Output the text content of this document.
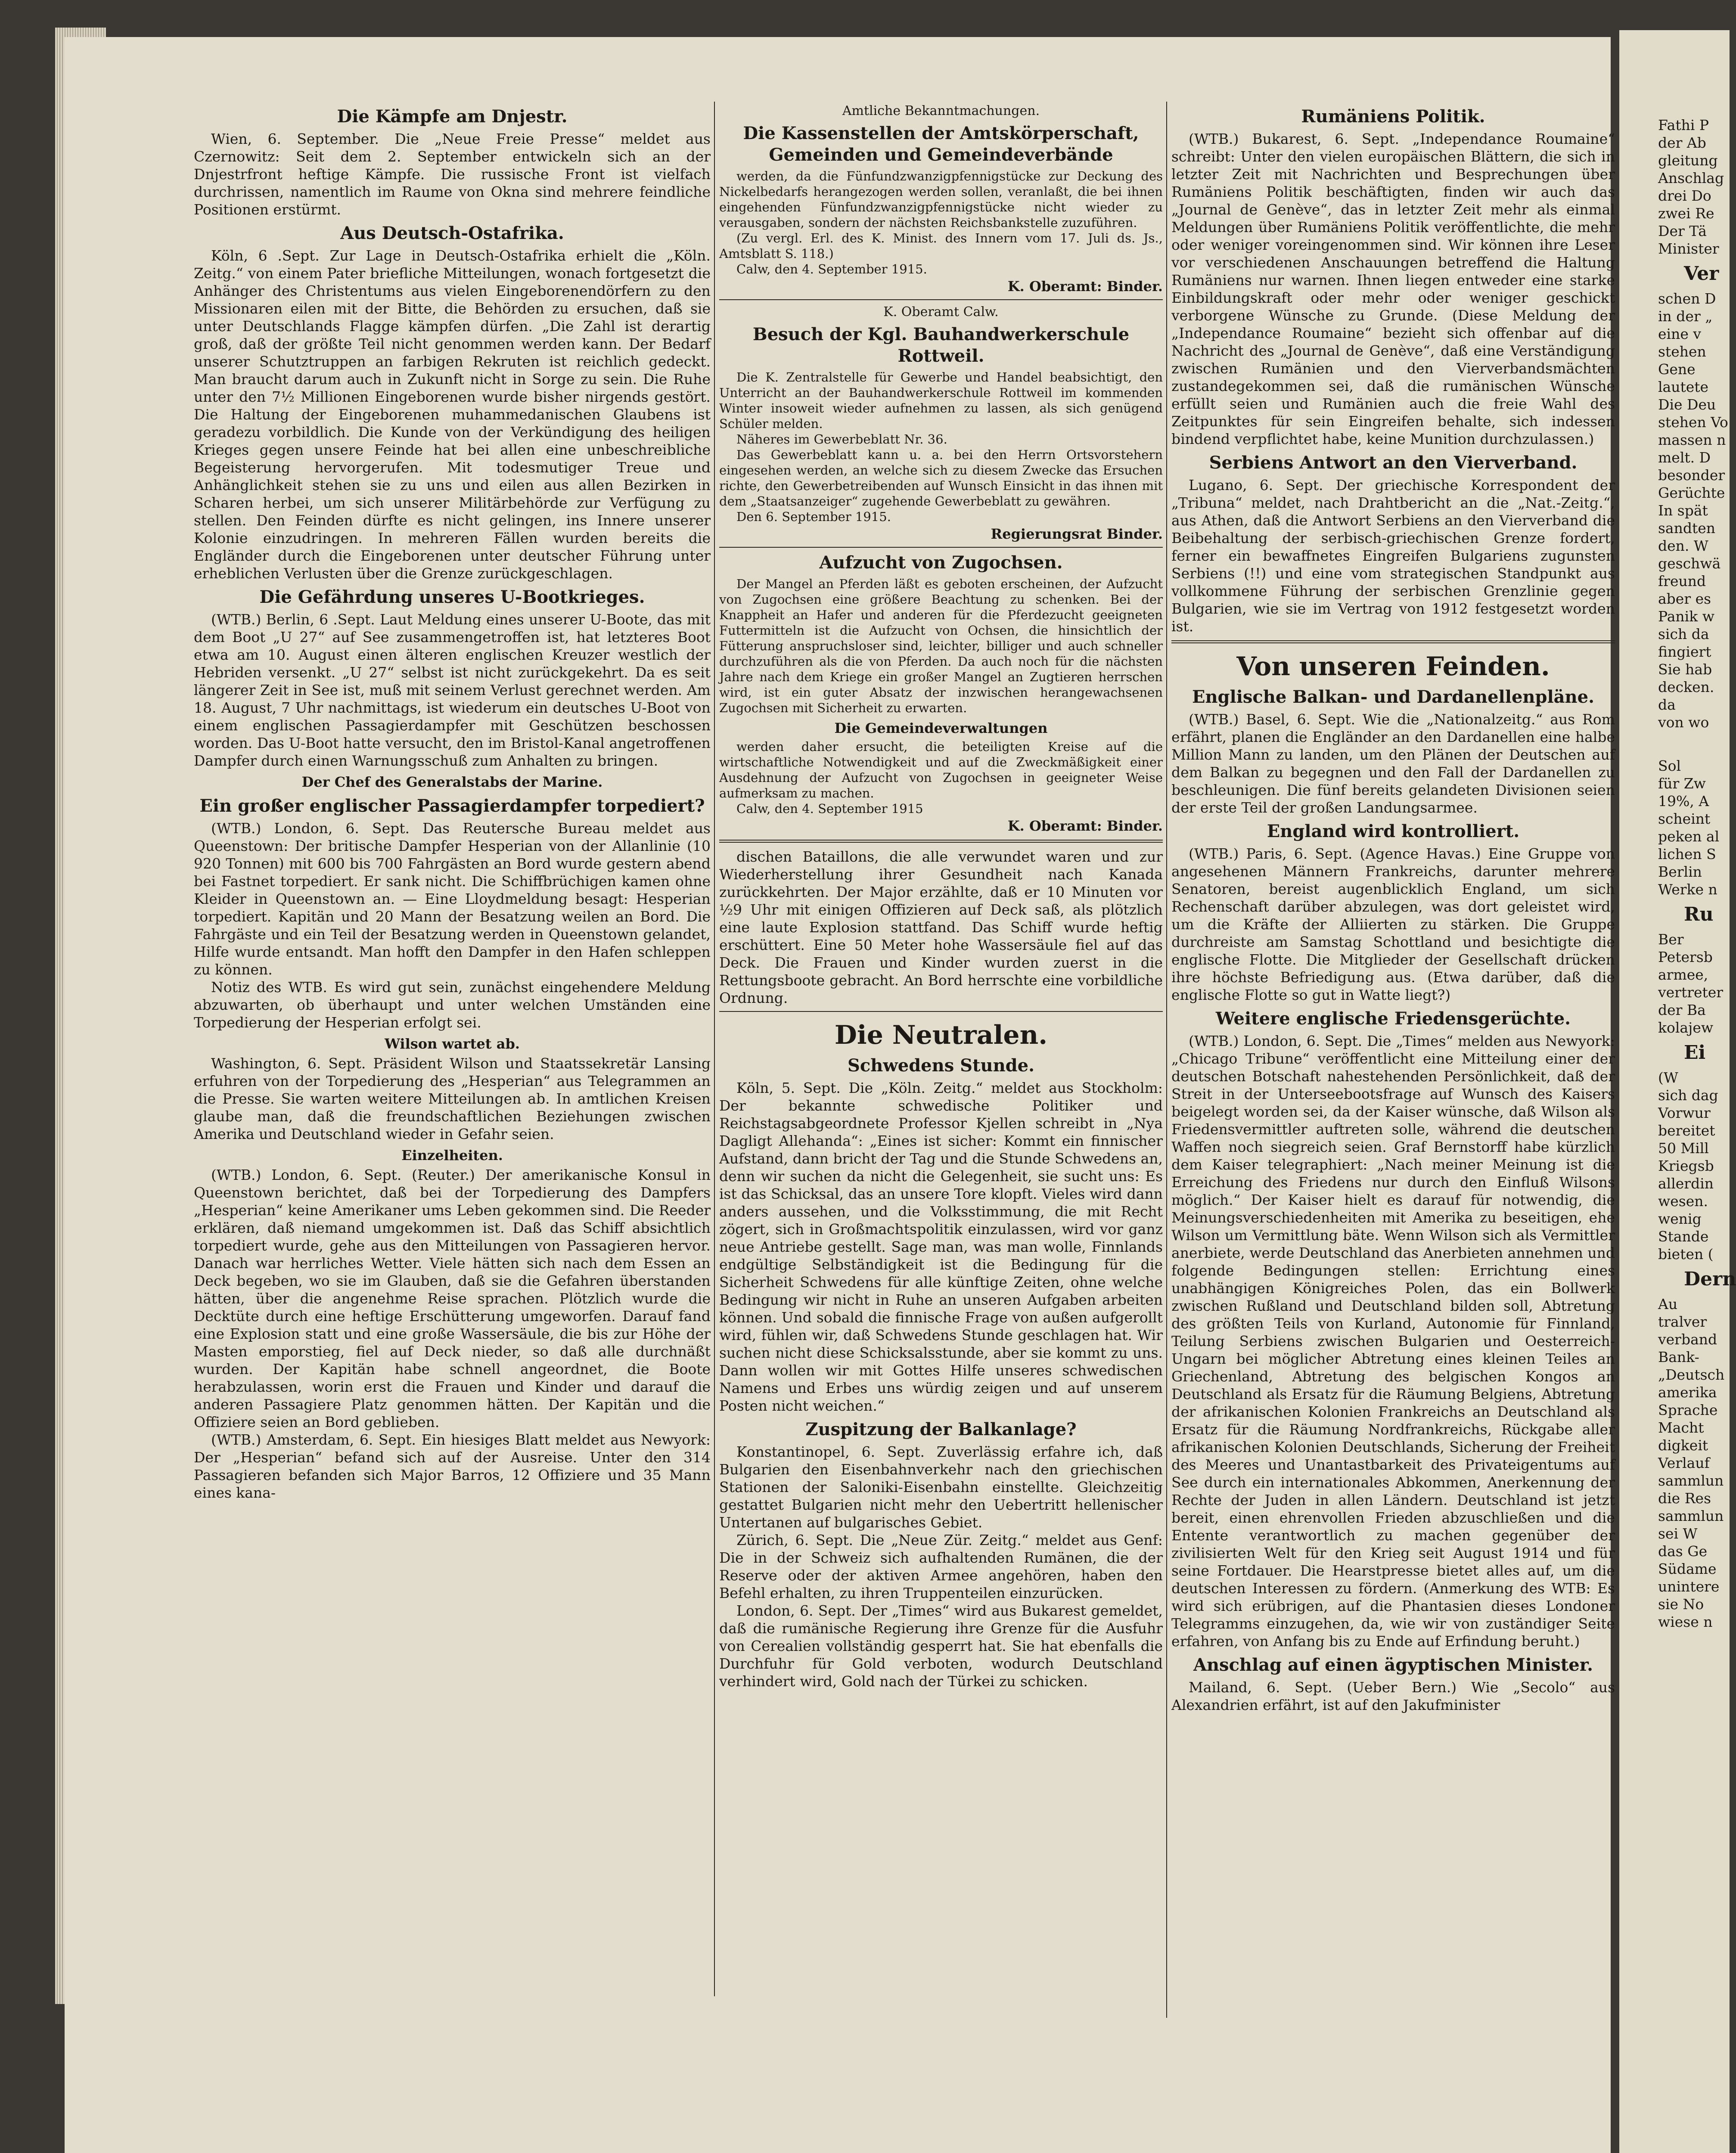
Die Kämpfe am Dnjestr.

Wien, 6. September. Die „Neue Freie Presse“ meldet aus Czernowitz: Seit dem 2. September entwickeln sich an der Dnjestrfront heftige Kämpfe. Die russische Front ist vielfach durchrissen, namentlich im Raume von Okna sind mehrere feindliche Positionen erstürmt.

Aus Deutsch-Ostafrika.

Köln, 6 .Sept. Zur Lage in Deutsch-Ostafrika erhielt die „Köln. Zeitg.“ von einem Pater briefliche Mitteilungen, wonach fortgesetzt die Anhänger des Christentums aus vielen Eingeborenendörfern zu den Missionaren eilen mit der Bitte, die Behörden zu ersuchen, daß sie unter Deutschlands Flagge kämpfen dürfen. „Die Zahl ist derartig groß, daß der größte Teil nicht genommen werden kann. Der Bedarf unserer Schutztruppen an farbigen Rekruten ist reichlich gedeckt. Man braucht darum auch in Zukunft nicht in Sorge zu sein. Die Ruhe unter den 7½ Millionen Eingeborenen wurde bisher nirgends gestört. Die Haltung der Eingeborenen muhammedanischen Glaubens ist geradezu vorbildlich. Die Kunde von der Verkündigung des heiligen Krieges gegen unsere Feinde hat bei allen eine unbeschreibliche Begeisterung hervorgerufen. Mit todesmutiger Treue und Anhänglichkeit stehen sie zu uns und eilen aus allen Bezirken in Scharen herbei, um sich unserer Militärbehörde zur Verfügung zu stellen. Den Feinden dürfte es nicht gelingen, ins Innere unserer Kolonie einzudringen. In mehreren Fällen wurden bereits die Engländer durch die Eingeborenen unter deutscher Führung unter erheblichen Verlusten über die Grenze zurückgeschlagen.

Die Gefährdung unseres U-Bootkrieges.

(WTB.) Berlin, 6 .Sept. Laut Meldung eines unserer U-Boote, das mit dem Boot „U 27“ auf See zusammengetroffen ist, hat letzteres Boot etwa am 10. August einen älteren englischen Kreuzer westlich der Hebriden versenkt. „U 27“ selbst ist nicht zurückgekehrt. Da es seit längerer Zeit in See ist, muß mit seinem Verlust gerechnet werden. Am 18. August, 7 Uhr nachmittags, ist wiederum ein deutsches U-Boot von einem englischen Passagierdampfer mit Geschützen beschossen worden. Das U-Boot hatte versucht, den im Bristol-Kanal angetroffenen Dampfer durch einen Warnungsschuß zum Anhalten zu bringen.

Der Chef des Generalstabs der Marine.
Ein großer englischer Passagierdampfer torpediert?

(WTB.) London, 6. Sept. Das Reutersche Bureau meldet aus Queenstown: Der britische Dampfer Hesperian von der Allanlinie (10 920 Tonnen) mit 600 bis 700 Fahrgästen an Bord wurde gestern abend bei Fastnet torpediert. Er sank nicht. Die Schiffbrüchigen kamen ohne Kleider in Queenstown an. — Eine Lloydmeldung besagt: Hesperian torpediert. Kapitän und 20 Mann der Besatzung weilen an Bord. Die Fahrgäste und ein Teil der Besatzung werden in Queenstown gelandet, Hilfe wurde entsandt. Man hofft den Dampfer in den Hafen schleppen zu können.

Notiz des WTB. Es wird gut sein, zunächst eingehendere Meldung abzuwarten, ob überhaupt und unter welchen Umständen eine Torpedierung der Hesperian erfolgt sei.

Wilson wartet ab.

Washington, 6. Sept. Präsident Wilson und Staatssekretär Lansing erfuhren von der Torpedierung des „Hesperian“ aus Telegrammen an die Presse. Sie warten weitere Mitteilungen ab. In amtlichen Kreisen glaube man, daß die freundschaftlichen Beziehungen zwischen Amerika und Deutschland wieder in Gefahr seien.

Einzelheiten.

(WTB.) London, 6. Sept. (Reuter.) Der amerikanische Konsul in Queenstown berichtet, daß bei der Torpedierung des Dampfers „Hesperian“ keine Amerikaner ums Leben gekommen sind. Die Reeder erklären, daß niemand umgekommen ist. Daß das Schiff absichtlich torpediert wurde, gehe aus den Mitteilungen von Passagieren hervor. Danach war herrliches Wetter. Viele hätten sich nach dem Essen an Deck begeben, wo sie im Glauben, daß sie die Gefahren überstanden hätten, über die angenehme Reise sprachen. Plötzlich wurde die Decktüte durch eine heftige Erschütterung umgeworfen. Darauf fand eine Explosion statt und eine große Wassersäule, die bis zur Höhe der Masten emporstieg, fiel auf Deck nieder, so daß alle durchnäßt wurden. Der Kapitän habe schnell angeordnet, die Boote herabzulassen, worin erst die Frauen und Kinder und darauf die anderen Passagiere Platz genommen hätten. Der Kapitän und die Offiziere seien an Bord geblieben.

(WTB.) Amsterdam, 6. Sept. Ein hiesiges Blatt meldet aus Newyork: Der „Hesperian“ befand sich auf der Ausreise. Unter den 314 Passagieren befanden sich Major Barros, 12 Offiziere und 35 Mann eines kana-

Amtliche Bekanntmachungen.
Die Kassenstellen der Amtskörperschaft, Gemeinden und Gemeindeverbände

werden, da die Fünfundzwanzigpfennigstücke zur Deckung des Nickelbedarfs herangezogen werden sollen, veranlaßt, die bei ihnen eingehenden Fünfundzwanzigpfennigstücke nicht wieder zu verausgaben, sondern der nächsten Reichsbankstelle zuzuführen.

(Zu vergl. Erl. des K. Minist. des Innern vom 17. Juli ds. Js., Amtsblatt S. 118.)

Calw, den 4. September 1915.

K. Oberamt: Binder.
K. Oberamt Calw.
Besuch der Kgl. Bauhandwerkerschule Rottweil.

Die K. Zentralstelle für Gewerbe und Handel beabsichtigt, den Unterricht an der Bauhandwerkerschule Rottweil im kommenden Winter insoweit wieder aufnehmen zu lassen, als sich genügend Schüler melden.

Näheres im Gewerbeblatt Nr. 36.

Das Gewerbeblatt kann u. a. bei den Herrn Ortsvorstehern eingesehen werden, an welche sich zu diesem Zwecke das Ersuchen richte, den Gewerbetreibenden auf Wunsch Einsicht in das ihnen mit dem „Staatsanzeiger“ zugehende Gewerbeblatt zu gewähren.

Den 6. September 1915.

Regierungsrat Binder.
Aufzucht von Zugochsen.

Der Mangel an Pferden läßt es geboten erscheinen, der Aufzucht von Zugochsen eine größere Beachtung zu schenken. Bei der Knappheit an Hafer und anderen für die Pferdezucht geeigneten Futtermitteln ist die Aufzucht von Ochsen, die hinsichtlich der Fütterung anspruchsloser sind, leichter, billiger und auch schneller durchzuführen als die von Pferden. Da auch noch für die nächsten Jahre nach dem Kriege ein großer Mangel an Zugtieren herrschen wird, ist ein guter Absatz der inzwischen herangewachsenen Zugochsen mit Sicherheit zu erwarten.

Die Gemeindeverwaltungen

werden daher ersucht, die beteiligten Kreise auf die wirtschaftliche Notwendigkeit und auf die Zweckmäßigkeit einer Ausdehnung der Aufzucht von Zugochsen in geeigneter Weise aufmerksam zu machen.

Calw, den 4. September 1915

K. Oberamt: Binder.

dischen Bataillons, die alle verwundet waren und zur Wiederherstellung ihrer Gesundheit nach Kanada zurückkehrten. Der Major erzählte, daß er 10 Minuten vor ½9 Uhr mit einigen Offizieren auf Deck saß, als plötzlich eine laute Explosion stattfand. Das Schiff wurde heftig erschüttert. Eine 50 Meter hohe Wassersäule fiel auf das Deck. Die Frauen und Kinder wurden zuerst in die Rettungsboote gebracht. An Bord herrschte eine vorbildliche Ordnung.

Die Neutralen.
Schwedens Stunde.

Köln, 5. Sept. Die „Köln. Zeitg.“ meldet aus Stockholm: Der bekannte schwedische Politiker und Reichstagsabgeordnete Professor Kjellen schreibt in „Nya Dagligt Allehanda“: „Eines ist sicher: Kommt ein finnischer Aufstand, dann bricht der Tag und die Stunde Schwedens an, denn wir suchen da nicht die Gelegenheit, sie sucht uns: Es ist das Schicksal, das an unsere Tore klopft. Vieles wird dann anders aussehen, und die Volksstimmung, die mit Recht zögert, sich in Großmachtspolitik einzulassen, wird vor ganz neue Antriebe gestellt. Sage man, was man wolle, Finnlands endgültige Selbständigkeit ist die Bedingung für die Sicherheit Schwedens für alle künftige Zeiten, ohne welche Bedingung wir nicht in Ruhe an unseren Aufgaben arbeiten können. Und sobald die finnische Frage von außen aufgerollt wird, fühlen wir, daß Schwedens Stunde geschlagen hat. Wir suchen nicht diese Schicksalsstunde, aber sie kommt zu uns. Dann wollen wir mit Gottes Hilfe unseres schwedischen Namens und Erbes uns würdig zeigen und auf unserem Posten nicht weichen.“

Zuspitzung der Balkanlage?

Konstantinopel, 6. Sept. Zuverlässig erfahre ich, daß Bulgarien den Eisenbahnverkehr nach den griechischen Stationen der Saloniki-Eisenbahn einstellte. Gleichzeitig gestattet Bulgarien nicht mehr den Uebertritt hellenischer Untertanen auf bulgarisches Gebiet.

Zürich, 6. Sept. Die „Neue Zür. Zeitg.“ meldet aus Genf: Die in der Schweiz sich aufhaltenden Rumänen, die der Reserve oder der aktiven Armee angehören, haben den Befehl erhalten, zu ihren Truppenteilen einzurücken.

London, 6. Sept. Der „Times“ wird aus Bukarest gemeldet, daß die rumänische Regierung ihre Grenze für die Ausfuhr von Cerealien vollständig gesperrt hat. Sie hat ebenfalls die Durchfuhr für Gold verboten, wodurch Deutschland verhindert wird, Gold nach der Türkei zu schicken.

Rumäniens Politik.

(WTB.) Bukarest, 6. Sept. „Independance Roumaine“ schreibt: Unter den vielen europäischen Blättern, die sich in letzter Zeit mit Nachrichten und Besprechungen über Rumäniens Politik beschäftigten, finden wir auch das „Journal de Genève“, das in letzter Zeit mehr als einmal Meldungen über Rumäniens Politik veröffentlichte, die mehr oder weniger voreingenommen sind. Wir können ihre Leser vor verschiedenen Anschauungen betreffend die Haltung Rumäniens nur warnen. Ihnen liegen entweder eine starke Einbildungskraft oder mehr oder weniger geschickt verborgene Wünsche zu Grunde. (Diese Meldung der „Independance Roumaine“ bezieht sich offenbar auf die Nachricht des „Journal de Genève“, daß eine Verständigung zwischen Rumänien und den Vierverbandsmächten zustandegekommen sei, daß die rumänischen Wünsche erfüllt seien und Rumänien auch die freie Wahl des Zeitpunktes für sein Eingreifen behalte, sich indessen bindend verpflichtet habe, keine Munition durchzulassen.)

Serbiens Antwort an den Vierverband.

Lugano, 6. Sept. Der griechische Korrespondent der „Tribuna“ meldet, nach Drahtbericht an die „Nat.-Zeitg.“, aus Athen, daß die Antwort Serbiens an den Vierverband die Beibehaltung der serbisch-griechischen Grenze fordert, ferner ein bewaffnetes Eingreifen Bulgariens zugunsten Serbiens (!!) und eine vom strategischen Standpunkt aus vollkommene Führung der serbischen Grenzlinie gegen Bulgarien, wie sie im Vertrag von 1912 festgesetzt worden ist.

Von unseren Feinden.
Englische Balkan- und Dardanellenpläne.

(WTB.) Basel, 6. Sept. Wie die „Nationalzeitg.“ aus Rom erfährt, planen die Engländer an den Dardanellen eine halbe Million Mann zu landen, um den Plänen der Deutschen auf dem Balkan zu begegnen und den Fall der Dardanellen zu beschleunigen. Die fünf bereits gelandeten Divisionen seien der erste Teil der großen Landungsarmee.

England wird kontrolliert.

(WTB.) Paris, 6. Sept. (Agence Havas.) Eine Gruppe von angesehenen Männern Frankreichs, darunter mehrere Senatoren, bereist augenblicklich England, um sich Rechenschaft darüber abzulegen, was dort geleistet wird, um die Kräfte der Alliierten zu stärken. Die Gruppe durchreiste am Samstag Schottland und besichtigte die englische Flotte. Die Mitglieder der Gesellschaft drücken ihre höchste Befriedigung aus. (Etwa darüber, daß die englische Flotte so gut in Watte liegt?)

Weitere englische Friedensgerüchte.

(WTB.) London, 6. Sept. Die „Times“ melden aus Newyork: „Chicago Tribune“ veröffentlicht eine Mitteilung einer der deutschen Botschaft nahestehenden Persönlichkeit, daß der Streit in der Unterseebootsfrage auf Wunsch des Kaisers beigelegt worden sei, da der Kaiser wünsche, daß Wilson als Friedensvermittler auftreten solle, während die deutschen Waffen noch siegreich seien. Graf Bernstorff habe kürzlich dem Kaiser telegraphiert: „Nach meiner Meinung ist die Erreichung des Friedens nur durch den Einfluß Wilsons möglich.“ Der Kaiser hielt es darauf für notwendig, die Meinungsverschiedenheiten mit Amerika zu beseitigen, ehe Wilson um Vermittlung bäte. Wenn Wilson sich als Vermittler anerbiete, werde Deutschland das Anerbieten annehmen und folgende Bedingungen stellen: Errichtung eines unabhängigen Königreiches Polen, das ein Bollwerk zwischen Rußland und Deutschland bilden soll, Abtretung des größten Teils von Kurland, Autonomie für Finnland, Teilung Serbiens zwischen Bulgarien und Oesterreich-Ungarn bei möglicher Abtretung eines kleinen Teiles an Griechenland, Abtretung des belgischen Kongos an Deutschland als Ersatz für die Räumung Belgiens, Abtretung der afrikanischen Kolonien Frankreichs an Deutschland als Ersatz für die Räumung Nordfrankreichs, Rückgabe aller afrikanischen Kolonien Deutschlands, Sicherung der Freiheit des Meeres und Unantastbarkeit des Privateigentums auf See durch ein internationales Abkommen, Anerkennung der Rechte der Juden in allen Ländern. Deutschland ist jetzt bereit, einen ehrenvollen Frieden abzuschließen und die Entente verantwortlich zu machen gegenüber der zivilisierten Welt für den Krieg seit August 1914 und für seine Fortdauer. Die Hearstpresse bietet alles auf, um die deutschen Interessen zu fördern. (Anmerkung des WTB: Es wird sich erübrigen, auf die Phantasien dieses Londoner Telegramms einzugehen, da, wie wir von zuständiger Seite erfahren, von Anfang bis zu Ende auf Erfindung beruht.)

Anschlag auf einen ägyptischen Minister.

Mailand, 6. Sept. (Ueber Bern.) Wie „Secolo“ aus Alexandrien erfährt, ist auf den Jakufminister

Fathi P
der Ab
gleitung
Anschlag
drei Do
zwei Re
Der Tä
Minister
Ver
schen D
in der „
eine v
stehen
Gene
lautete
Die Deu
stehen Vo
massen n
melt. D
besonder
Gerüchte
In spät
sandten
den. W
geschwä
freund
aber es
Panik w
sich da
fingiert
Sie hab
decken.
da
von wo
Sol
für Zw
19%, A
scheint
peken al
lichen S
Berlin
Werke n
Ru
Ber
Petersb
armee,
vertreter
der Ba
kolajew
Ei
(W
sich dag
Vorwur
bereitet
50 Mill
Kriegsb
allerdin
wesen.
wenig
Stande
bieten (
Dern
Au
tralver
verband
Bank-
„Deutsch
amerika
Sprache
Macht
digkeit
Verlauf
sammlun
die Res
sammlun
sei W
das Ge
Südame
unintere
sie No
wiese n
